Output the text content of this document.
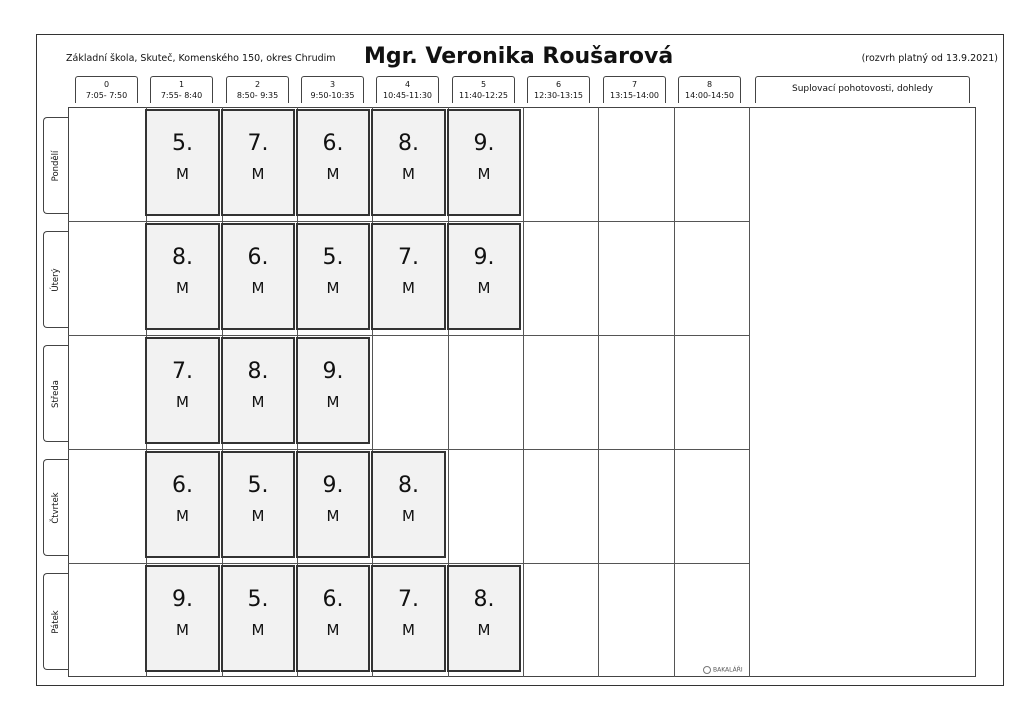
Základní škola, Skuteč, Komenského 150, okres Chrudim Mgr. Veronika Roušarová	(rozvrh platný od 13.9.2021)
0
7:05- 7:50
1
7:55- 8:40
2
8:50- 9:35
3
9:50-10:35
4
10:45-11:30
5
11:40-12:25
6
12:30-13:15
7
13:15-14:00
8
14:00-14:50
Suplovací pohotovosti, dohledy
Pondělí
Úterý
Středa
Čtvrtek
Pátek
5.
M
7.
M
6.
M
8.
M
9.
M
8.
M
6.
M
5.
M
7.
M
9.
M
7.
M
8.
M
9.
M
6.
M
5.
M
9.
M
8.
M
9.
M
5.
M
6.
M
7.
M
8.
M
BAKALÁŘI
